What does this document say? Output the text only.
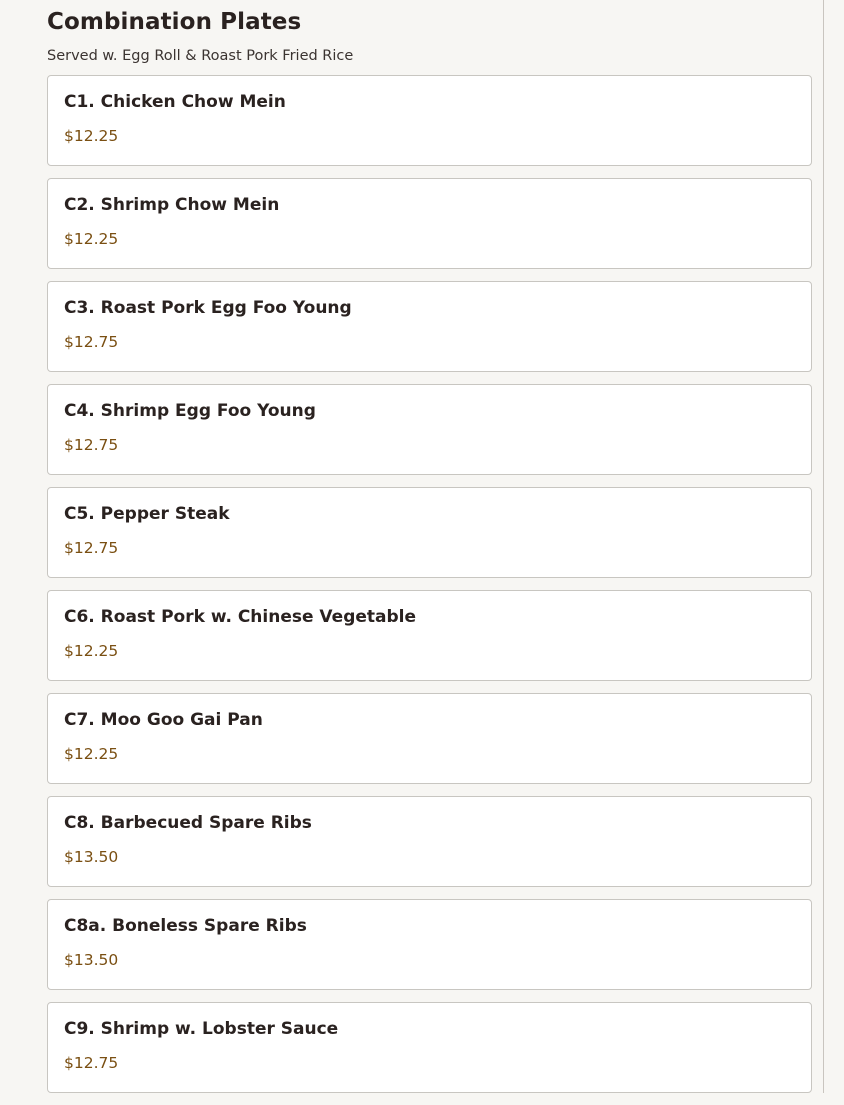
Combination Plates

Served w. Egg Roll & Roast Pork Fried Rice

C1. Chicken Chow Mein
$12.25
C2. Shrimp Chow Mein
$12.25
C3. Roast Pork Egg Foo Young
$12.75
C4. Shrimp Egg Foo Young
$12.75
C5. Pepper Steak
$12.75
C6. Roast Pork w. Chinese Vegetable
$12.25
C7. Moo Goo Gai Pan
$12.25
C8. Barbecued Spare Ribs
$13.50
C8a. Boneless Spare Ribs
$13.50
C9. Shrimp w. Lobster Sauce
$12.75
